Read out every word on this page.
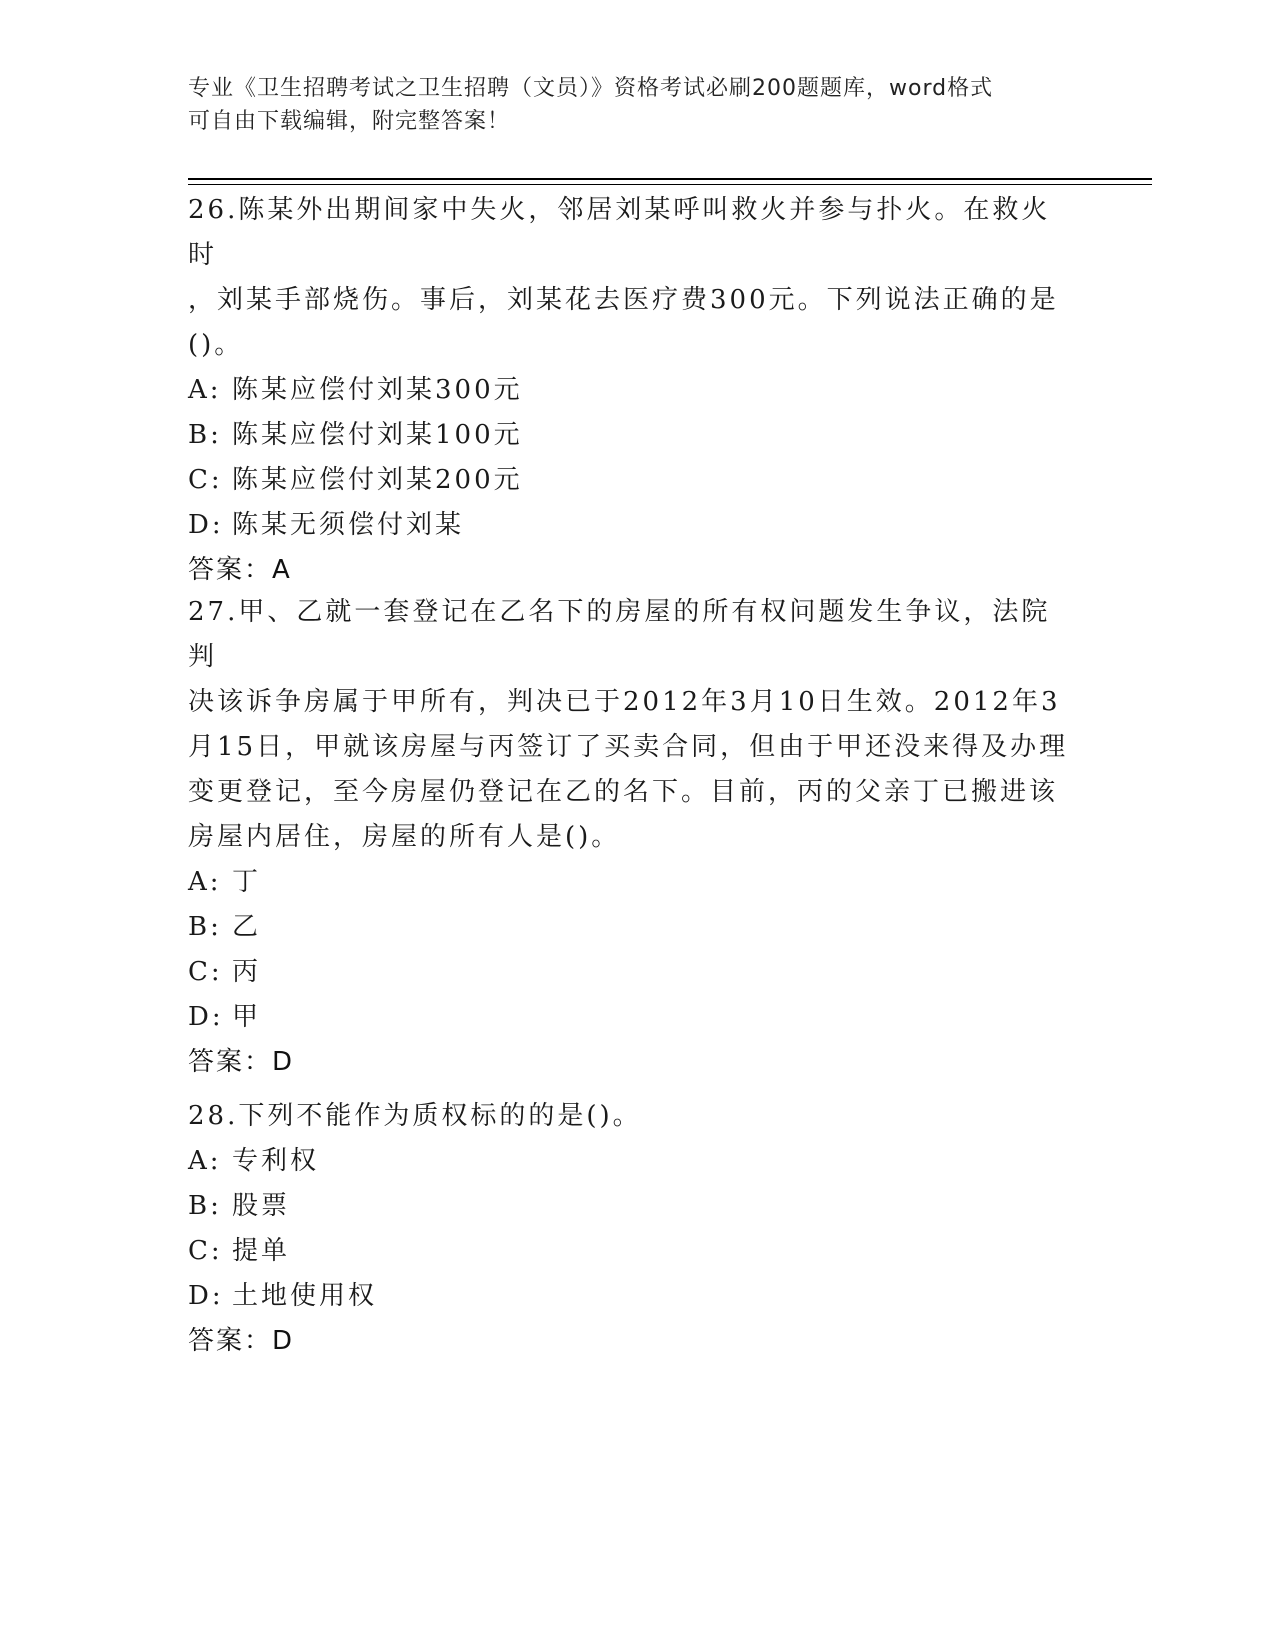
专业《卫生招聘考试之卫生招聘（文员）》资格考试必刷200题题库，word格式
可自由下载编辑，附完整答案！
26.陈某外出期间家中失火，邻居刘某呼叫救火并参与扑火。在救火时
，刘某手部烧伤。事后，刘某花去医疗费300元。下列说法正确的是
()。
A: 陈某应偿付刘某300元
B: 陈某应偿付刘某100元
C: 陈某应偿付刘某200元
D: 陈某无须偿付刘某
答案：A
27.甲、乙就一套登记在乙名下的房屋的所有权问题发生争议，法院判
决该诉争房属于甲所有，判决已于2012年3月10日生效。2012年3
月15日，甲就该房屋与丙签订了买卖合同，但由于甲还没来得及办理
变更登记，至今房屋仍登记在乙的名下。目前，丙的父亲丁已搬进该
房屋内居住，房屋的所有人是()。
A: 丁
B: 乙
C: 丙
D: 甲
答案：D
28.下列不能作为质权标的的是()。
A: 专利权
B: 股票
C: 提单
D: 土地使用权
答案：D
